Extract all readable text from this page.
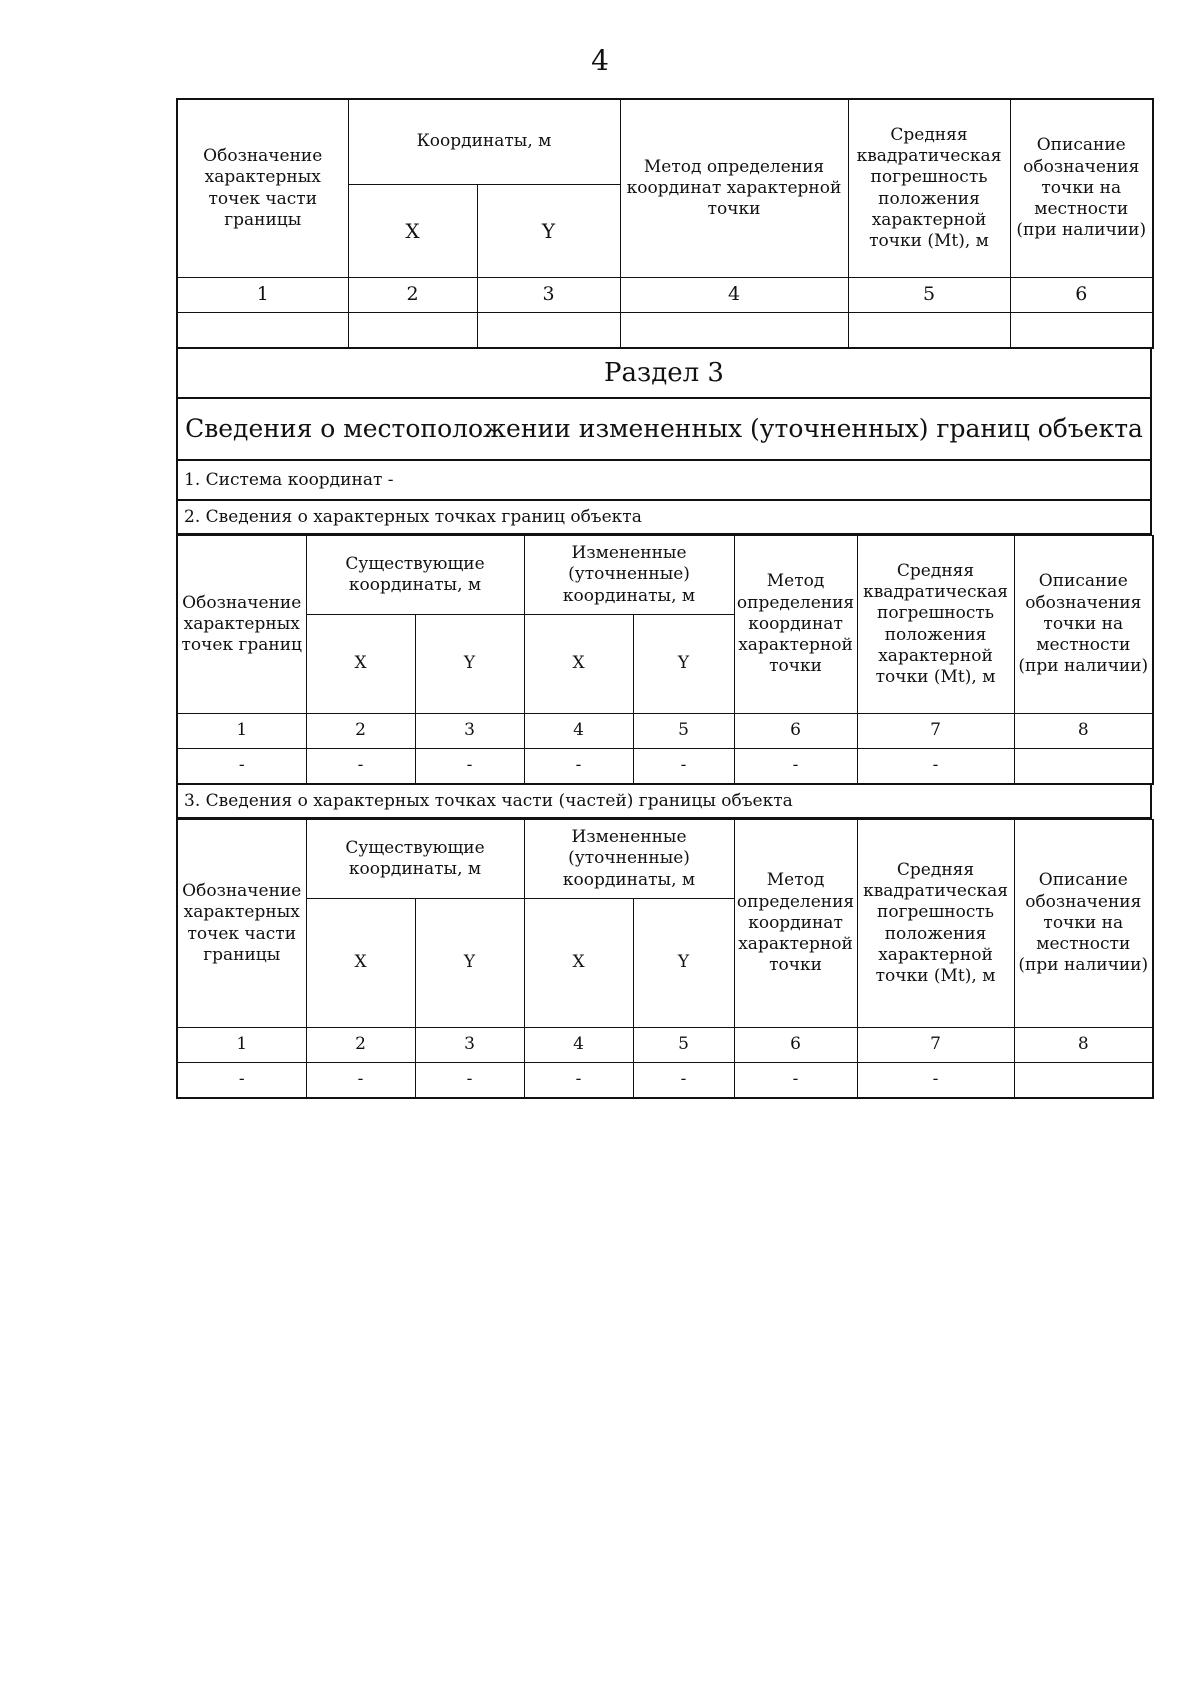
4
Обозначение характерных точек части границы	Координаты, м		Метод определения координат характерной точки	Средняя квадратическая погрешность положения характерной точки (Mt), м	Описание обозначения точки на местности (при наличии)
	X	Y			
1	2	3	4	5	6

Раздел 3
Сведения о местоположении измененных (уточненных) границ объекта
1. Система координат -
2. Сведения о характерных точках границ объекта
Обозначение характерных точек границ	Существующие координаты, м		Измененные (уточненные) координаты, м		Метод определения координат характерной точки	Средняя квадратическая погрешность положения характерной точки (Mt), м	Описание обозначения точки на местности (при наличии)
	X	Y	X	Y			
1	2	3	4	5	6	7	8
-	-	-	-	-	-	-	
3. Сведения о характерных точках части (частей) границы объекта
Обозначение характерных точек части границы	Существующие координаты, м		Измененные (уточненные) координаты, м		Метод определения координат характерной точки	Средняя квадратическая погрешность положения характерной точки (Mt), м	Описание обозначения точки на местности (при наличии)
	X	Y	X	Y			
1	2	3	4	5	6	7	8
-	-	-	-	-	-	-	
